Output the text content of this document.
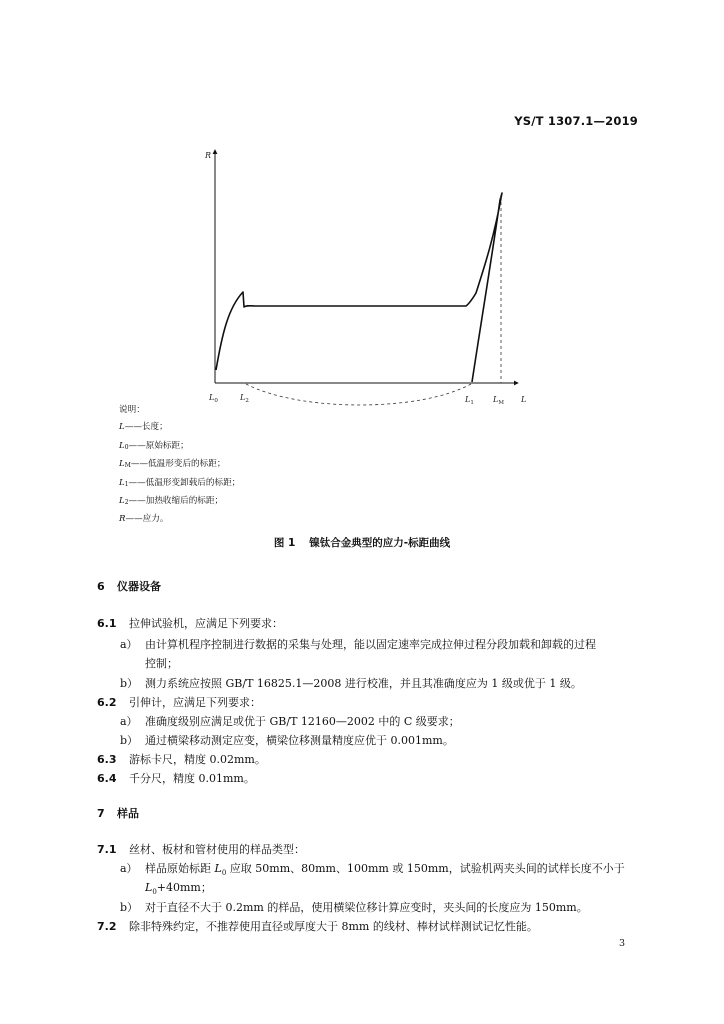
YS/T 1307.1—2019
R
L
$L_0$	$L_2$	$L_1$ $L_M$
说明：
L——长度；
$L_0——$原始标距；
$L_M——$低温形变后的标距；
$L_1——$低温形变卸载后的标距；
$L_2——$加热收缩后的标距；
R——应力。
图 1 镍钛合金典型的应力-标距曲线
6 仪器设备
6.1 拉伸试验机，应满足下列要求：
a） 由计算机程序控制进行数据的采集与处理，能以固定速率完成拉伸过程分段加载和卸载的过程
控制；
b） 测力系统应按照 GB/T 16825.1—2008 进行校准，并且其准确度应为 1 级或优于 1 级。
6.2 引伸计，应满足下列要求：
a） 准确度级别应满足或优于 GB/T 12160—2002 中的 C 级要求；
b） 通过横梁移动测定应变，横梁位移测量精度应优于 0.001mm。
6.3 游标卡尺，精度 0.02mm。
6.4 千分尺，精度 0.01mm。
7 样品
7.1 丝材、板材和管材使用的样品类型：
a） 样品原始标距 $L_0$ 应取 50mm、80mm、100mm 或 150mm，试验机两夹头间的试样长度不小于
$L_0+40mm$；
b） 对于直径不大于 0.2mm 的样品，使用横梁位移计算应变时，夹头间的长度应为 150mm。
7.2 除非特殊约定，不推荐使用直径或厚度大于 8mm 的线材、棒材试样测试记忆性能。
3
